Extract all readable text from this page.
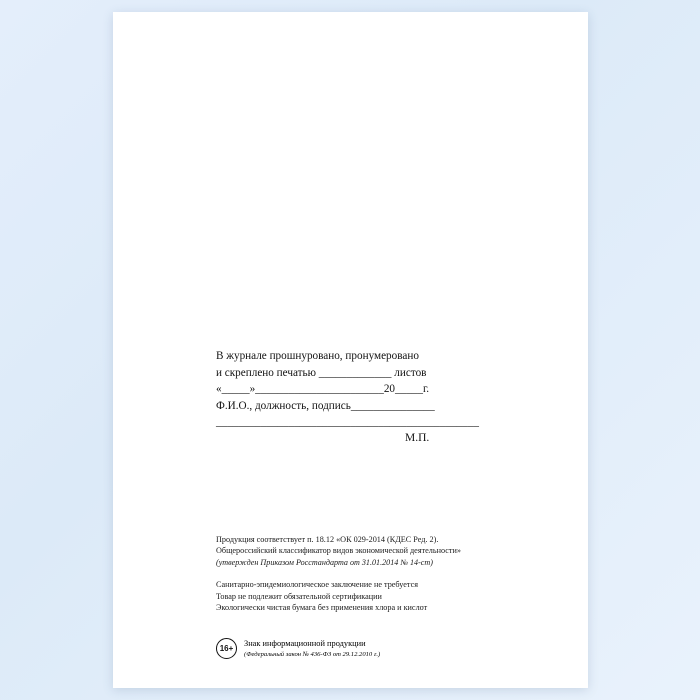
В журнале прошнуровано, пронумеровано
и скреплено печатью _____________ листов
«_____»_______________________20_____г.
Ф.И.О., должность, подпись_______________
_______________________________________________
М.П.

Продукция соответствует п. 18.12 «ОК 029-2014 (КДЕС Ред. 2).

Общероссийский классификатор видов экономической деятельности»

(утвержден Приказом Росстандарта от 31.01.2014 № 14-ст)

Санитарно-эпидемиологическое заключение не требуется

Товар не подлежит обязательной сертификации

Экологически чистая бумага без применения хлора и кислот

16+
Знак информационной продукции
(Федеральный закон № 436-ФЗ от 29.12.2010 г.)
